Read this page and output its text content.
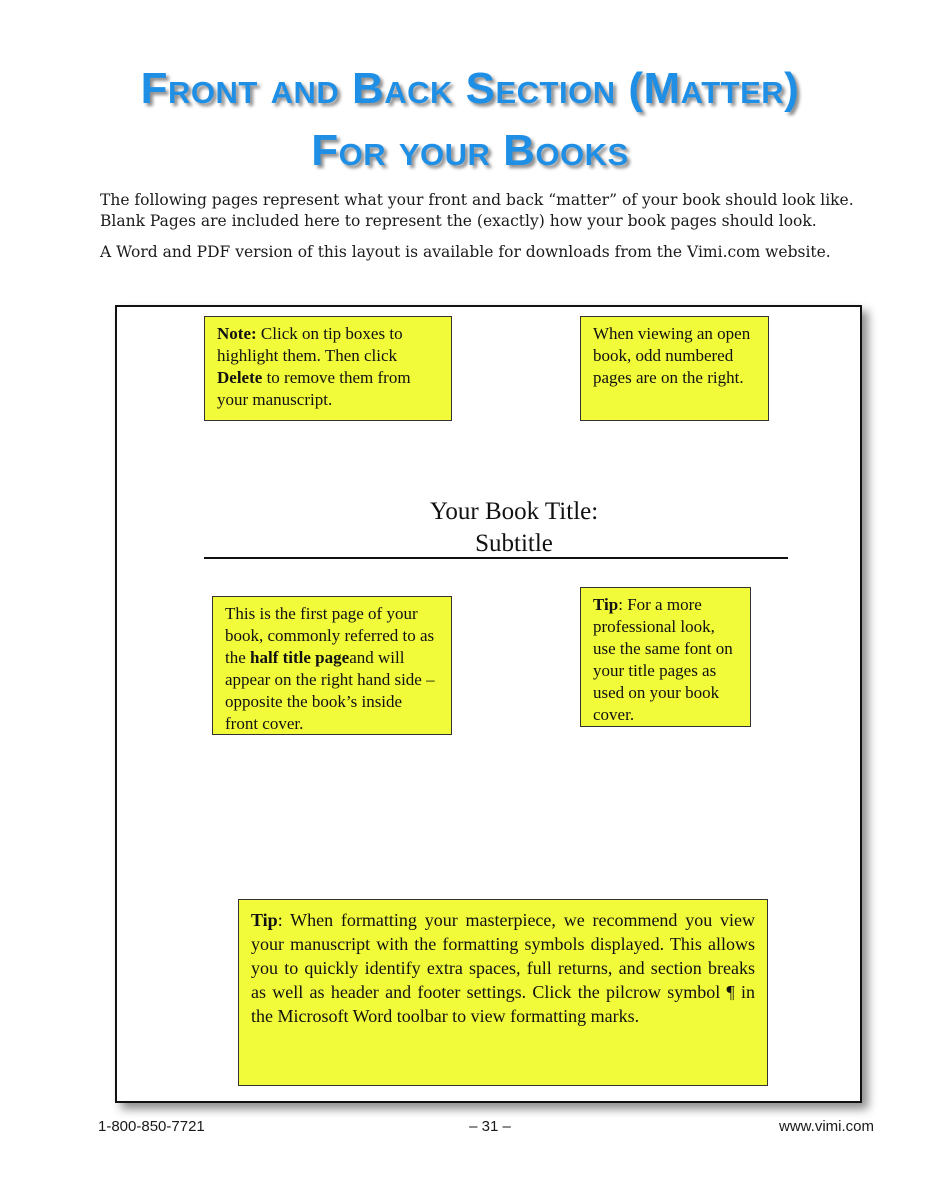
Front and Back Section (Matter)
For your Books
The following pages represent what your front and back “matter” of your book should look like.
Blank Pages are included here to represent the (exactly) how your book pages should look.
A Word and PDF version of this layout is available for downloads from the Vimi.com website.
Note: Click on tip boxes to highlight them. Then click Delete to remove them from your manuscript.
When viewing an open book, odd numbered pages are on the right.
Your Book Title:
Subtitle
This is the first page of your book, commonly referred to as the half title pageand will appear on the right hand side – opposite the book’s inside front cover.
Tip: For a more professional look, use the same font on your title pages as used on your book cover.
Tip: When formatting your masterpiece, we recommend you view your manuscript with the formatting symbols displayed. This allows you to quickly identify extra spaces, full returns, and section breaks as well as header and footer settings. Click the pilcrow symbol ¶ in the Microsoft Word toolbar to view formatting marks.
1-800-850-7721	– 31 –	www.vimi.com
